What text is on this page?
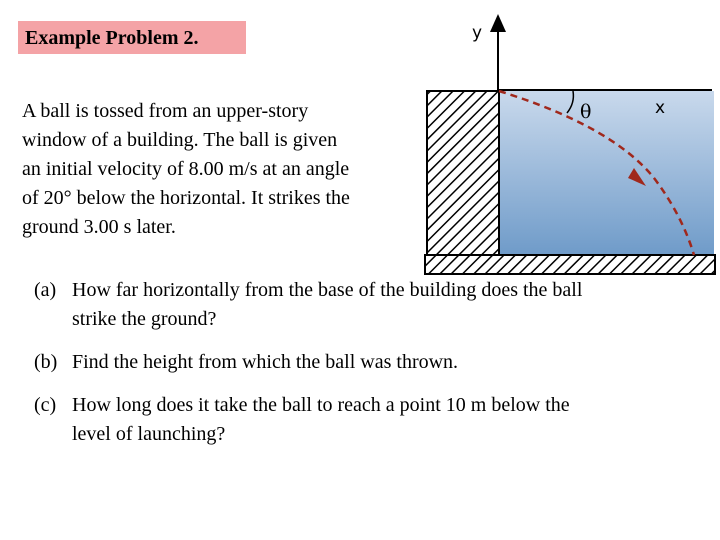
Example Problem 2.

A ball is tossed from an upper-story

window of a building. The ball is given

an initial velocity of 8.00 m/s at an angle

of 20° below the horizontal. It strikes the

ground 3.00 s later.

y
x
θ
(a) How far horizontally from the base of the building does the ball

strike the ground?

(b) Find the height from which the ball was thrown.

(c) How long does it take the ball to reach a point 10 m below the

level of launching?
